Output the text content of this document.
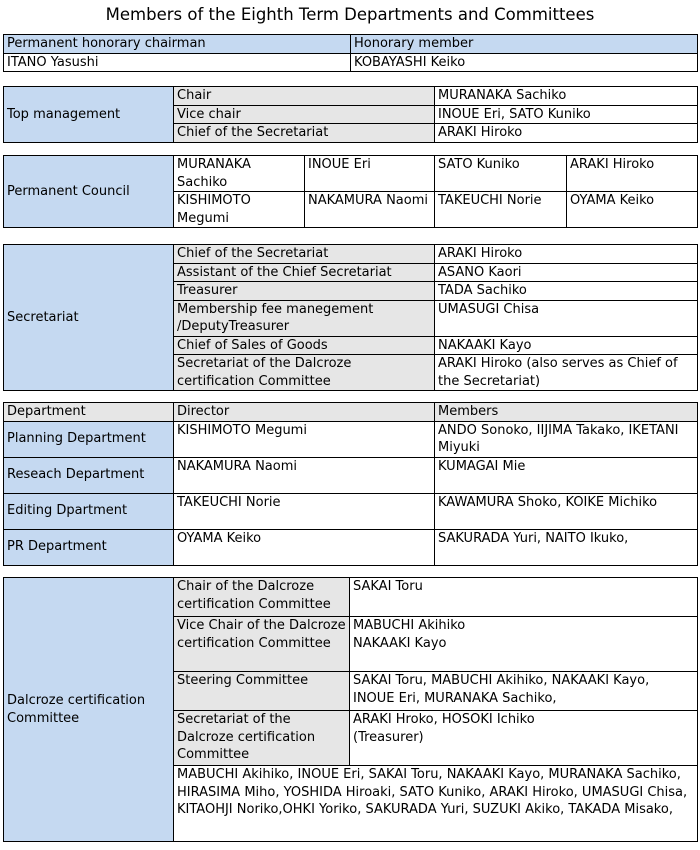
Members of the Eighth Term Departments and Committees
Permanent honorary chairman	Honorary member
ITANO Yasushi	KOBAYASHI Keiko
Top management	Chair	MURANAKA Sachiko
	Vice chair	INOUE Eri, SATO Kuniko
	Chief of the Secretariat	ARAKI Hiroko
Permanent Council	MURANAKA Sachiko	INOUE Eri	SATO Kuniko	ARAKI Hiroko
	KISHIMOTO Megumi	NAKAMURA Naomi	TAKEUCHI Norie	OYAMA Keiko
Secretariat	Chief of the Secretariat	ARAKI Hiroko
	Assistant of the Chief Secretariat	ASANO Kaori
	Treasurer	TADA Sachiko
	Membership fee manegement /DeputyTreasurer	UMASUGI Chisa
	Chief of Sales of Goods	NAKAAKI Kayo
	Secretariat of the Dalcroze certification Committee	ARAKI Hiroko (also serves as Chief of the Secretariat)
Department	Director	Members
Planning Department	KISHIMOTO Megumi	ANDO Sonoko, IIJIMA Takako, IKETANI Miyuki
Reseach Department	NAKAMURA Naomi	KUMAGAI Mie
Editing Dpartment	TAKEUCHI Norie	KAWAMURA Shoko, KOIKE Michiko
PR Department	OYAMA Keiko	SAKURADA Yuri, NAITO Ikuko,
Dalcroze certification Committee	Chair of the Dalcroze certification Committee	SAKAI Toru
	Vice Chair of the Dalcroze certification Committee	MABUCHI Akihiko NAKAAKI Kayo
	Steering Committee	SAKAI Toru, MABUCHI Akihiko, NAKAAKI Kayo, INOUE Eri, MURANAKA Sachiko,
	Secretariat of the Dalcroze certification Committee	ARAKI Hroko, HOSOKI Ichiko (Treasurer)
	MABUCHI Akihiko, INOUE Eri, SAKAI Toru, NAKAAKI Kayo, MURANAKA Sachiko, HIRASIMA Miho, YOSHIDA Hiroaki, SATO Kuniko, ARAKI Hiroko, UMASUGI Chisa, KITAOHJI Noriko,OHKI Yoriko, SAKURADA Yuri, SUZUKI Akiko, TAKADA Misako,	
